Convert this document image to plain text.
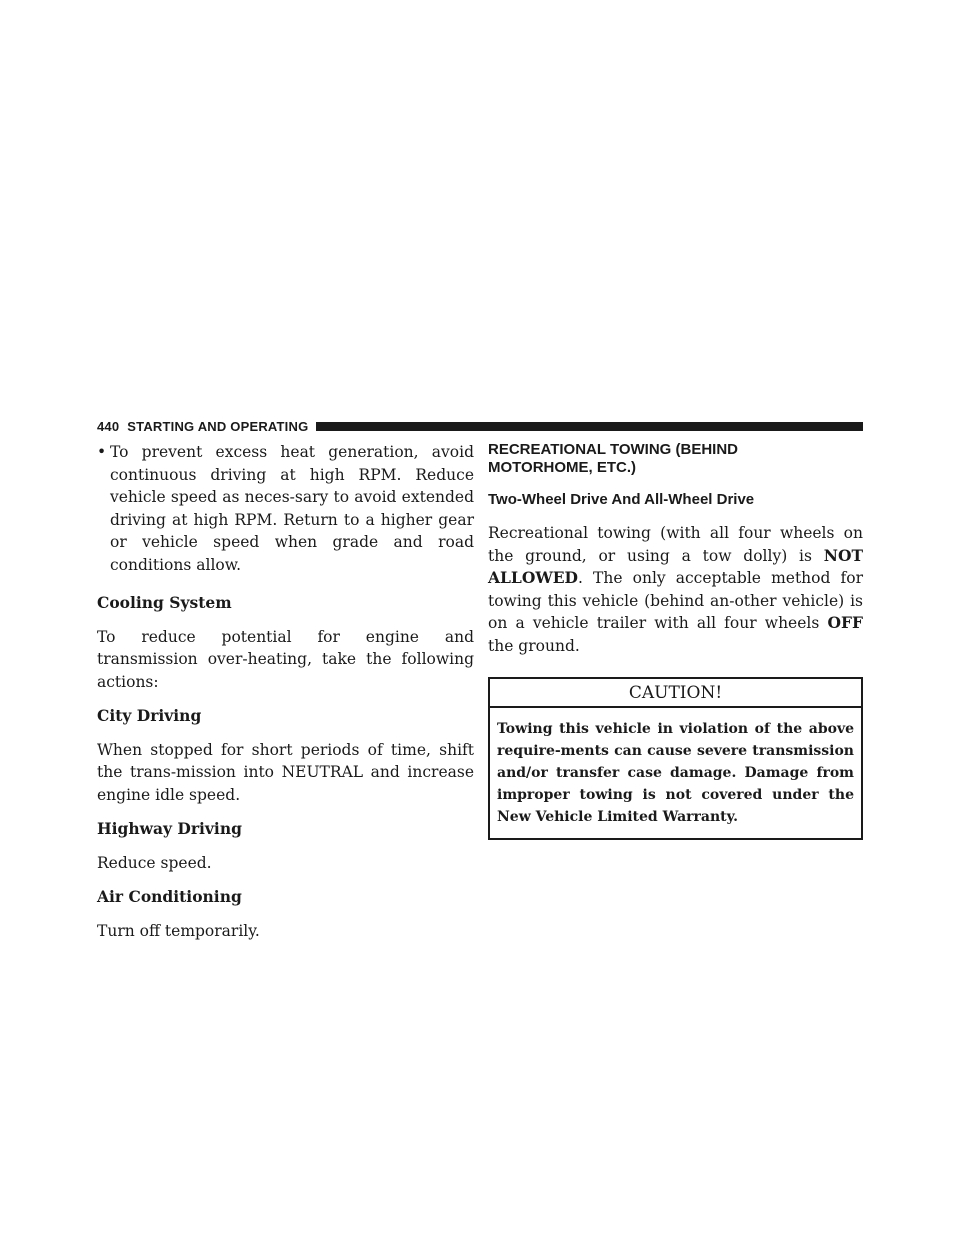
440 STARTING AND OPERATING
• To prevent excess heat generation, avoid continuous driving at high RPM. Reduce vehicle speed as neces-sary to avoid extended driving at high RPM. Return to a higher gear or vehicle speed when grade and road conditions allow.

Cooling System

To reduce potential for engine and transmission over-heating, take the following actions:

City Driving

When stopped for short periods of time, shift the trans-mission into NEUTRAL and increase engine idle speed.

Highway Driving

Reduce speed.

Air Conditioning

Turn off temporarily.

RECREATIONAL TOWING (BEHIND
MOTORHOME, ETC.)

Two-Wheel Drive And All-Wheel Drive

Recreational towing (with all four wheels on the ground, or using a tow dolly) is NOT ALLOWED. The only acceptable method for towing this vehicle (behind an-other vehicle) is on a vehicle trailer with all four wheels OFF the ground.

CAUTION!

Towing this vehicle in violation of the above require-ments can cause severe transmission and/or transfer case damage. Damage from improper towing is not covered under the New Vehicle Limited Warranty.
